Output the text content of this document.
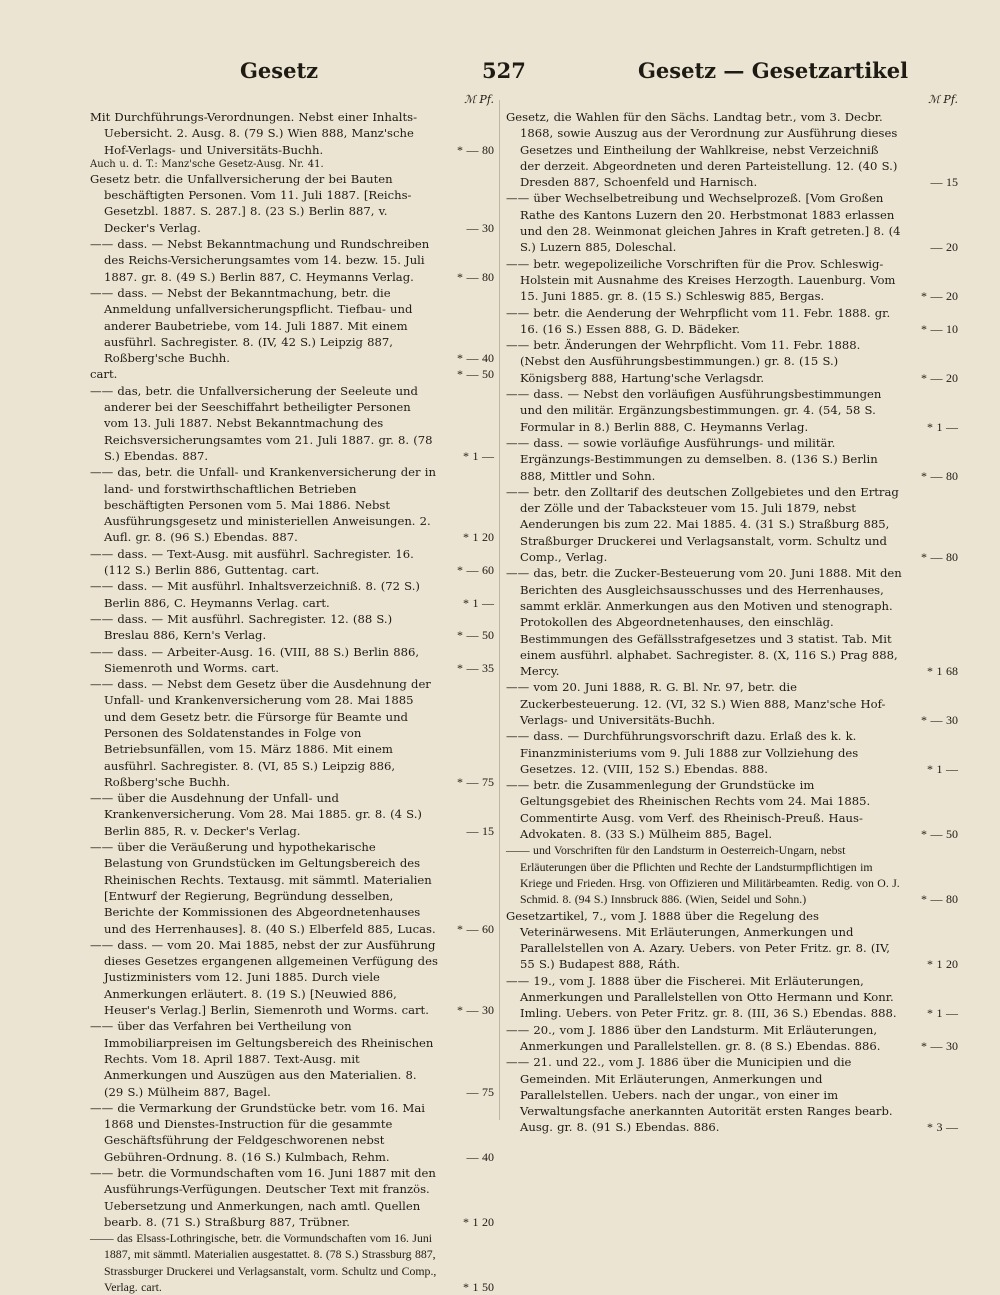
Gesetz	527	Gesetz — Gesetzartikel
ℳ Pf.

Mit Durchführungs-Verordnungen. Nebst einer Inhalts-Uebersicht. 2. Ausg. 8. (79 S.) Wien 888, Manz'sche Hof-Verlags- und Universitäts-Buchh.	* — 80

Auch u. d. T.: Manz'sche Gesetz-Ausg. Nr. 41.

Gesetz betr. die Unfallversicherung der bei Bauten beschäftigten Personen. Vom 11. Juli 1887. [Reichs-Gesetzbl. 1887. S. 287.] 8. (23 S.) Berlin 887, v. Decker's Verlag.	— 30

—— dass. — Nebst Bekanntmachung und Rundschreiben des Reichs-Versicherungsamtes vom 14. bezw. 15. Juli 1887. gr. 8. (49 S.) Berlin 887, C. Heymanns Verlag.	* — 80

—— dass. — Nebst der Bekanntmachung, betr. die Anmeldung unfallversicherungspflicht. Tiefbau- und anderer Baubetriebe, vom 14. Juli 1887. Mit einem ausführl. Sachregister. 8. (IV, 42 S.) Leipzig 887, Roßberg'sche Buchh.	* — 40

cart.	* — 50

—— das, betr. die Unfallversicherung der Seeleute und anderer bei der Seeschiffahrt betheiligter Personen vom 13. Juli 1887. Nebst Bekanntmachung des Reichsversicherungsamtes vom 21. Juli 1887. gr. 8. (78 S.) Ebendas. 887.	* 1 —

—— das, betr. die Unfall- und Krankenversicherung der in land- und forstwirthschaftlichen Betrieben beschäftigten Personen vom 5. Mai 1886. Nebst Ausführungsgesetz und ministeriellen Anweisungen. 2. Aufl. gr. 8. (96 S.) Ebendas. 887.	* 1 20

—— dass. — Text-Ausg. mit ausführl. Sachregister. 16. (112 S.) Berlin 886, Guttentag. cart.	* — 60

—— dass. — Mit ausführl. Inhaltsverzeichniß. 8. (72 S.) Berlin 886, C. Heymanns Verlag. cart.	* 1 —

—— dass. — Mit ausführl. Sachregister. 12. (88 S.) Breslau 886, Kern's Verlag.	* — 50

—— dass. — Arbeiter-Ausg. 16. (VIII, 88 S.) Berlin 886, Siemenroth und Worms. cart.	* — 35

—— dass. — Nebst dem Gesetz über die Ausdehnung der Unfall- und Krankenversicherung vom 28. Mai 1885 und dem Gesetz betr. die Fürsorge für Beamte und Personen des Soldatenstandes in Folge von Betriebsunfällen, vom 15. März 1886. Mit einem ausführl. Sachregister. 8. (VI, 85 S.) Leipzig 886, Roßberg'sche Buchh.	* — 75

—— über die Ausdehnung der Unfall- und Krankenversicherung. Vom 28. Mai 1885. gr. 8. (4 S.) Berlin 885, R. v. Decker's Verlag.	— 15

—— über die Veräußerung und hypothekarische Belastung von Grundstücken im Geltungsbereich des Rheinischen Rechts. Textausg. mit sämmtl. Materialien [Entwurf der Regierung, Begründung desselben, Berichte der Kommissionen des Abgeordnetenhauses und des Herrenhauses]. 8. (40 S.) Elberfeld 885, Lucas.	* — 60

—— dass. — vom 20. Mai 1885, nebst der zur Ausführung dieses Gesetzes ergangenen allgemeinen Verfügung des Justizministers vom 12. Juni 1885. Durch viele Anmerkungen erläutert. 8. (19 S.) [Neuwied 886, Heuser's Verlag.] Berlin, Siemenroth und Worms. cart.	* — 30

—— über das Verfahren bei Vertheilung von Immobiliarpreisen im Geltungsbereich des Rheinischen Rechts. Vom 18. April 1887. Text-Ausg. mit Anmerkungen und Auszügen aus den Materialien. 8. (29 S.) Mülheim 887, Bagel.	— 75

—— die Vermarkung der Grundstücke betr. vom 16. Mai 1868 und Dienstes-Instruction für die gesammte Geschäftsführung der Feldgeschworenen nebst Gebühren-Ordnung. 8. (16 S.) Kulmbach, Rehm.	— 40

—— betr. die Vormundschaften vom 16. Juni 1887 mit den Ausführungs-Verfügungen. Deutscher Text mit französ. Uebersetzung und Anmerkungen, nach amtl. Quellen bearb. 8. (71 S.) Straßburg 887, Trübner.	* 1 20

—— das Elsass-Lothringische, betr. die Vormundschaften vom 16. Juni 1887, mit sämmtl. Materialien ausgestattet. 8. (78 S.) Strassburg 887, Strassburger Druckerei und Verlagsanstalt, vorm. Schultz und Comp., Verlag. cart.	* 1 50

ℳ Pf.

Gesetz, die Wahlen für den Sächs. Landtag betr., vom 3. Decbr. 1868, sowie Auszug aus der Verordnung zur Ausführung dieses Gesetzes und Eintheilung der Wahlkreise, nebst Verzeichniß der derzeit. Abgeordneten und deren Parteistellung. 12. (40 S.) Dresden 887, Schoenfeld und Harnisch.	— 15

—— über Wechselbetreibung und Wechselprozeß. [Vom Großen Rathe des Kantons Luzern den 20. Herbstmonat 1883 erlassen und den 28. Weinmonat gleichen Jahres in Kraft getreten.] 8. (4 S.) Luzern 885, Doleschal.	— 20

—— betr. wegepolizeiliche Vorschriften für die Prov. Schleswig-Holstein mit Ausnahme des Kreises Herzogth. Lauenburg. Vom 15. Juni 1885. gr. 8. (15 S.) Schleswig 885, Bergas.	* — 20

—— betr. die Aenderung der Wehrpflicht vom 11. Febr. 1888. gr. 16. (16 S.) Essen 888, G. D. Bädeker.	* — 10

—— betr. Änderungen der Wehrpflicht. Vom 11. Febr. 1888. (Nebst den Ausführungsbestimmungen.) gr. 8. (15 S.) Königsberg 888, Hartung'sche Verlagsdr.	* — 20

—— dass. — Nebst den vorläufigen Ausführungsbestimmungen und den militär. Ergänzungsbestimmungen. gr. 4. (54, 58 S. Formular in 8.) Berlin 888, C. Heymanns Verlag.	* 1 —

—— dass. — sowie vorläufige Ausführungs- und militär. Ergänzungs-Bestimmungen zu demselben. 8. (136 S.) Berlin 888, Mittler und Sohn.	* — 80

—— betr. den Zolltarif des deutschen Zollgebietes und den Ertrag der Zölle und der Tabacksteuer vom 15. Juli 1879, nebst Aenderungen bis zum 22. Mai 1885. 4. (31 S.) Straßburg 885, Straßburger Druckerei und Verlagsanstalt, vorm. Schultz und Comp., Verlag.	* — 80

—— das, betr. die Zucker-Besteuerung vom 20. Juni 1888. Mit den Berichten des Ausgleichsausschusses und des Herrenhauses, sammt erklär. Anmerkungen aus den Motiven und stenograph. Protokollen des Abgeordnetenhauses, den einschläg. Bestimmungen des Gefällsstrafgesetzes und 3 statist. Tab. Mit einem ausführl. alphabet. Sachregister. 8. (X, 116 S.) Prag 888, Mercy.	* 1 68

—— vom 20. Juni 1888, R. G. Bl. Nr. 97, betr. die Zuckerbesteuerung. 12. (VI, 32 S.) Wien 888, Manz'sche Hof-Verlags- und Universitäts-Buchh.	* — 30

—— dass. — Durchführungsvorschrift dazu. Erlaß des k. k. Finanzministeriums vom 9. Juli 1888 zur Vollziehung des Gesetzes. 12. (VIII, 152 S.) Ebendas. 888.	* 1 —

—— betr. die Zusammenlegung der Grundstücke im Geltungsgebiet des Rheinischen Rechts vom 24. Mai 1885. Commentirte Ausg. vom Verf. des Rheinisch-Preuß. Haus-Advokaten. 8. (33 S.) Mülheim 885, Bagel.	* — 50

—— und Vorschriften für den Landsturm in Oesterreich-Ungarn, nebst Erläuterungen über die Pflichten und Rechte der Landsturmpflichtigen im Kriege und Frieden. Hrsg. von Offizieren und Militärbeamten. Redig. von O. J. Schmid. 8. (94 S.) Innsbruck 886. (Wien, Seidel und Sohn.)	* — 80

Gesetzartikel, 7., vom J. 1888 über die Regelung des Veterinärwesens. Mit Erläuterungen, Anmerkungen und Parallelstellen von A. Azary. Uebers. von Peter Fritz. gr. 8. (IV, 55 S.) Budapest 888, Ráth.	* 1 20

—— 19., vom J. 1888 über die Fischerei. Mit Erläuterungen, Anmerkungen und Parallelstellen von Otto Hermann und Konr. Imling. Uebers. von Peter Fritz. gr. 8. (III, 36 S.) Ebendas. 888.	* 1 —

—— 20., vom J. 1886 über den Landsturm. Mit Erläuterungen, Anmerkungen und Parallelstellen. gr. 8. (8 S.) Ebendas. 886.	* — 30

—— 21. und 22., vom J. 1886 über die Municipien und die Gemeinden. Mit Erläuterungen, Anmerkungen und Parallelstellen. Uebers. nach der ungar., von einer im Verwaltungsfache anerkannten Autorität ersten Ranges bearb. Ausg. gr. 8. (91 S.) Ebendas. 886.	* 3 —
